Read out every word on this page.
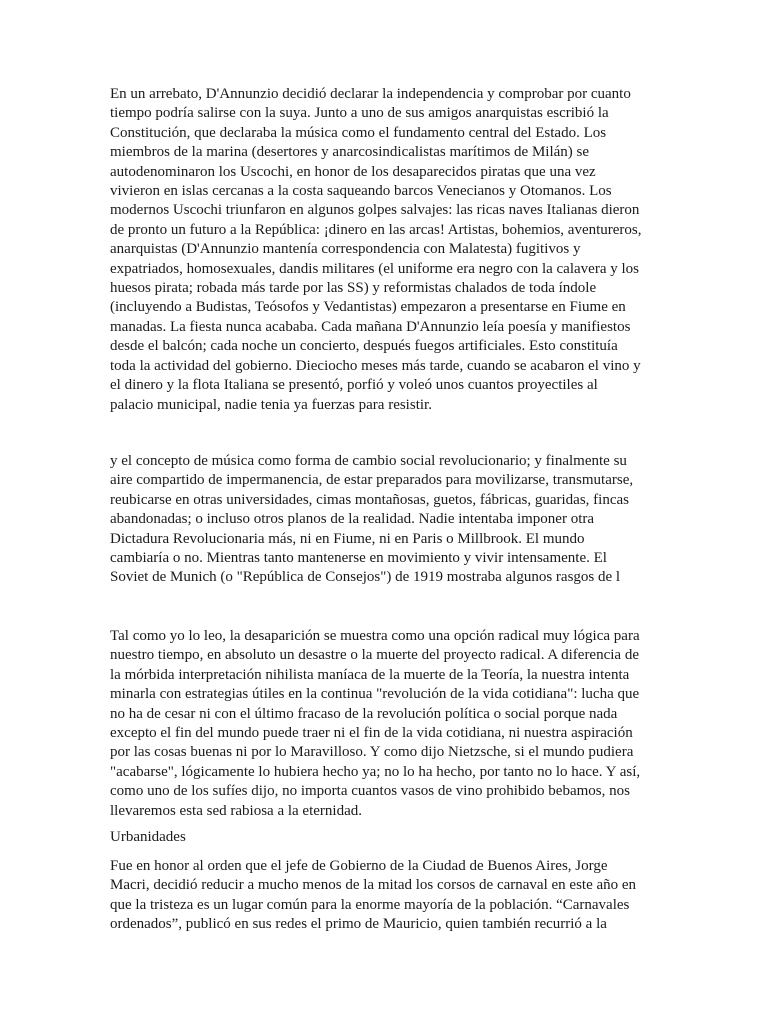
En un arrebato, D'Annunzio decidió declarar la independencia y comprobar por cuanto
tiempo podría salirse con la suya. Junto a uno de sus amigos anarquistas escribió la
Constitución, que declaraba la música como el fundamento central del Estado. Los
miembros de la marina (desertores y anarcosindicalistas marítimos de Milán) se
autodenominaron los Uscochi, en honor de los desaparecidos piratas que una vez
vivieron en islas cercanas a la costa saqueando barcos Venecianos y Otomanos. Los
modernos Uscochi triunfaron en algunos golpes salvajes: las ricas naves Italianas dieron
de pronto un futuro a la República: ¡dinero en las arcas! Artistas, bohemios, aventureros,
anarquistas (D'Annunzio mantenía correspondencia con Malatesta) fugitivos y
expatriados, homosexuales, dandis militares (el uniforme era negro con la calavera y los
huesos pirata; robada más tarde por las SS) y reformistas chalados de toda índole
(incluyendo a Budistas, Teósofos y Vedantistas) empezaron a presentarse en Fiume en
manadas. La fiesta nunca acababa. Cada mañana D'Annunzio leía poesía y manifiestos
desde el balcón; cada noche un concierto, después fuegos artificiales. Esto constituía
toda la actividad del gobierno. Dieciocho meses más tarde, cuando se acabaron el vino y
el dinero y la flota Italiana se presentó, porfió y voleó unos cuantos proyectiles al
palacio municipal, nadie tenia ya fuerzas para resistir.
y el concepto de música como forma de cambio social revolucionario; y finalmente su
aire compartido de impermanencia, de estar preparados para movilizarse, transmutarse,
reubicarse en otras universidades, cimas montañosas, guetos, fábricas, guaridas, fincas
abandonadas; o incluso otros planos de la realidad. Nadie intentaba imponer otra
Dictadura Revolucionaria más, ni en Fiume, ni en Paris o Millbrook. El mundo
cambiaría o no. Mientras tanto mantenerse en movimiento y vivir intensamente. El
Soviet de Munich (o "República de Consejos") de 1919 mostraba algunos rasgos de l
Tal como yo lo leo, la desaparición se muestra como una opción radical muy lógica para
nuestro tiempo, en absoluto un desastre o la muerte del proyecto radical. A diferencia de
la mórbida interpretación nihilista maníaca de la muerte de la Teoría, la nuestra intenta
minarla con estrategias útiles en la continua "revolución de la vida cotidiana": lucha que
no ha de cesar ni con el último fracaso de la revolución política o social porque nada
excepto el fin del mundo puede traer ni el fin de la vida cotidiana, ni nuestra aspiración
por las cosas buenas ni por lo Maravilloso. Y como dijo Nietzsche, si el mundo pudiera
"acabarse", lógicamente lo hubiera hecho ya; no lo ha hecho, por tanto no lo hace. Y así,
como uno de los sufíes dijo, no importa cuantos vasos de vino prohibido bebamos, nos
llevaremos esta sed rabiosa a la eternidad.
Urbanidades
Fue en honor al orden que el jefe de Gobierno de la Ciudad de Buenos Aires, Jorge
Macri, decidió reducir a mucho menos de la mitad los corsos de carnaval en este año en
que la tristeza es un lugar común para la enorme mayoría de la población. “Carnavales
ordenados”, publicó en sus redes el primo de Mauricio, quien también recurrió a la
